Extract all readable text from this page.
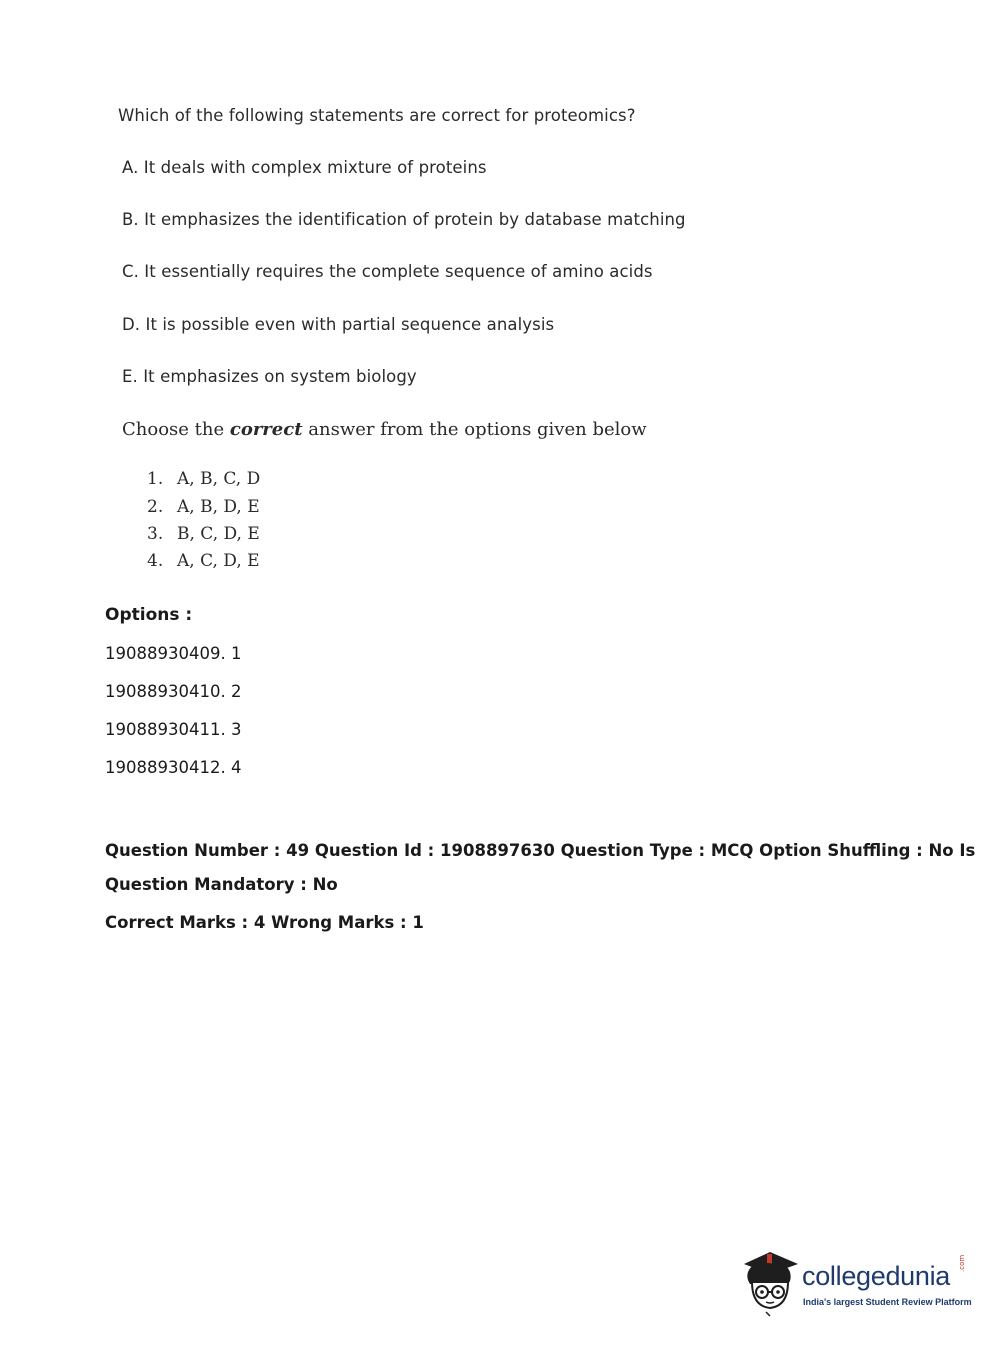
Which of the following statements are correct for proteomics?
A. It deals with complex mixture of proteins
B. It emphasizes the identification of protein by database matching
C. It essentially requires the complete sequence of amino acids
D. It is possible even with partial sequence analysis
E. It emphasizes on system biology
Choose the correct answer from the options given below
1. A, B, C, D
2. A, B, D, E
3. B, C, D, E
4. A, C, D, E
Options :
19088930409. 1
19088930410. 2
19088930411. 3
19088930412. 4
Question Number : 49 Question Id : 1908897630 Question Type : MCQ Option Shuffling : No Is
Question Mandatory : No
Correct Marks : 4 Wrong Marks : 1
collegedunia .com
India's largest Student Review Platform
